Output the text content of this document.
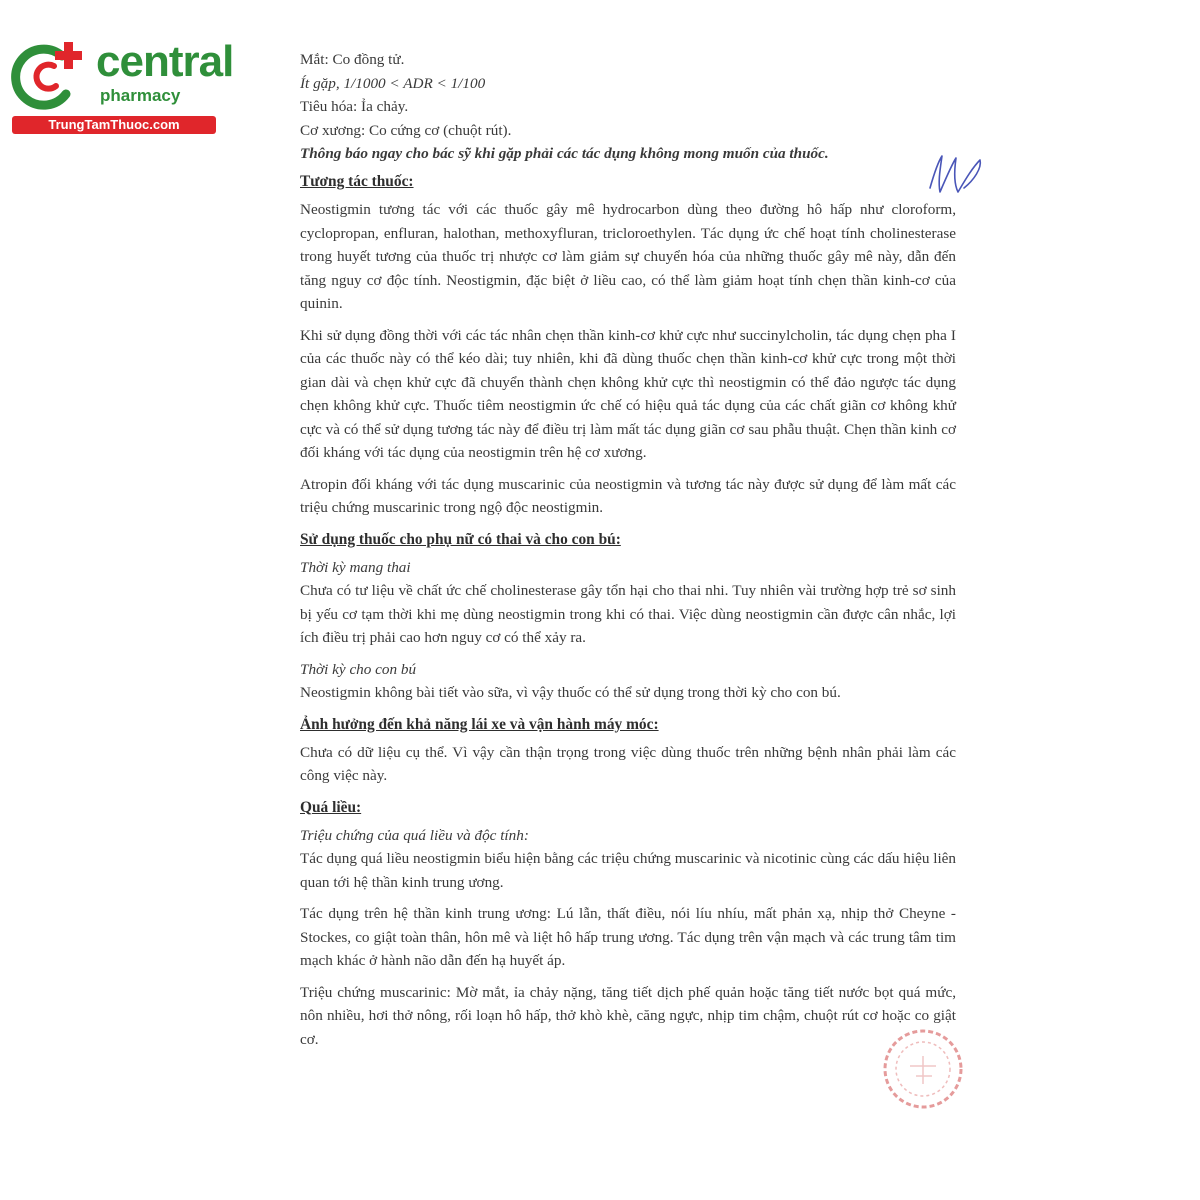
central
pharmacy
TrungTamThuoc.com

Mắt: Co đồng tử.

Ít gặp, 1/1000 < ADR < 1/100

Tiêu hóa: Ỉa chảy.

Cơ xương: Co cứng cơ (chuột rút).

Thông báo ngay cho bác sỹ khi gặp phải các tác dụng không mong muốn của thuốc.

Tương tác thuốc:

Neostigmin tương tác với các thuốc gây mê hydrocarbon dùng theo đường hô hấp như cloroform, cyclopropan, enfluran, halothan, methoxyfluran, tricloroethylen. Tác dụng ức chế hoạt tính cholinesterase trong huyết tương của thuốc trị nhược cơ làm giảm sự chuyển hóa của những thuốc gây mê này, dẫn đến tăng nguy cơ độc tính. Neostigmin, đặc biệt ở liều cao, có thể làm giảm hoạt tính chẹn thần kinh-cơ của quinin.

Khi sử dụng đồng thời với các tác nhân chẹn thần kinh-cơ khử cực như succinylcholin, tác dụng chẹn pha I của các thuốc này có thể kéo dài; tuy nhiên, khi đã dùng thuốc chẹn thần kinh-cơ khử cực trong một thời gian dài và chẹn khử cực đã chuyển thành chẹn không khử cực thì neostigmin có thể đảo ngược tác dụng chẹn không khử cực. Thuốc tiêm neostigmin ức chế có hiệu quả tác dụng của các chất giãn cơ không khử cực và có thể sử dụng tương tác này để điều trị làm mất tác dụng giãn cơ sau phẫu thuật. Chẹn thần kinh cơ đối kháng với tác dụng của neostigmin trên hệ cơ xương.

Atropin đối kháng với tác dụng muscarinic của neostigmin và tương tác này được sử dụng để làm mất các triệu chứng muscarinic trong ngộ độc neostigmin.

Sử dụng thuốc cho phụ nữ có thai và cho con bú:

Thời kỳ mang thai

Chưa có tư liệu về chất ức chế cholinesterase gây tổn hại cho thai nhi. Tuy nhiên vài trường hợp trẻ sơ sinh bị yếu cơ tạm thời khi mẹ dùng neostigmin trong khi có thai. Việc dùng neostigmin cần được cân nhắc, lợi ích điều trị phải cao hơn nguy cơ có thể xảy ra.

Thời kỳ cho con bú

Neostigmin không bài tiết vào sữa, vì vậy thuốc có thể sử dụng trong thời kỳ cho con bú.

Ảnh hưởng đến khả năng lái xe và vận hành máy móc:

Chưa có dữ liệu cụ thể. Vì vậy cần thận trọng trong việc dùng thuốc trên những bệnh nhân phải làm các công việc này.

Quá liều:

Triệu chứng của quá liều và độc tính:

Tác dụng quá liều neostigmin biểu hiện bằng các triệu chứng muscarinic và nicotinic cùng các dấu hiệu liên quan tới hệ thần kinh trung ương.

Tác dụng trên hệ thần kinh trung ương: Lú lẫn, thất điều, nói líu nhíu, mất phản xạ, nhịp thở Cheyne - Stockes, co giật toàn thân, hôn mê và liệt hô hấp trung ương. Tác dụng trên vận mạch và các trung tâm tim mạch khác ở hành não dẫn đến hạ huyết áp.

Triệu chứng muscarinic: Mờ mắt, ỉa chảy nặng, tăng tiết dịch phế quản hoặc tăng tiết nước bọt quá mức, nôn nhiều, hơi thở nông, rối loạn hô hấp, thở khò khè, căng ngực, nhịp tim chậm, chuột rút cơ hoặc co giật cơ.
